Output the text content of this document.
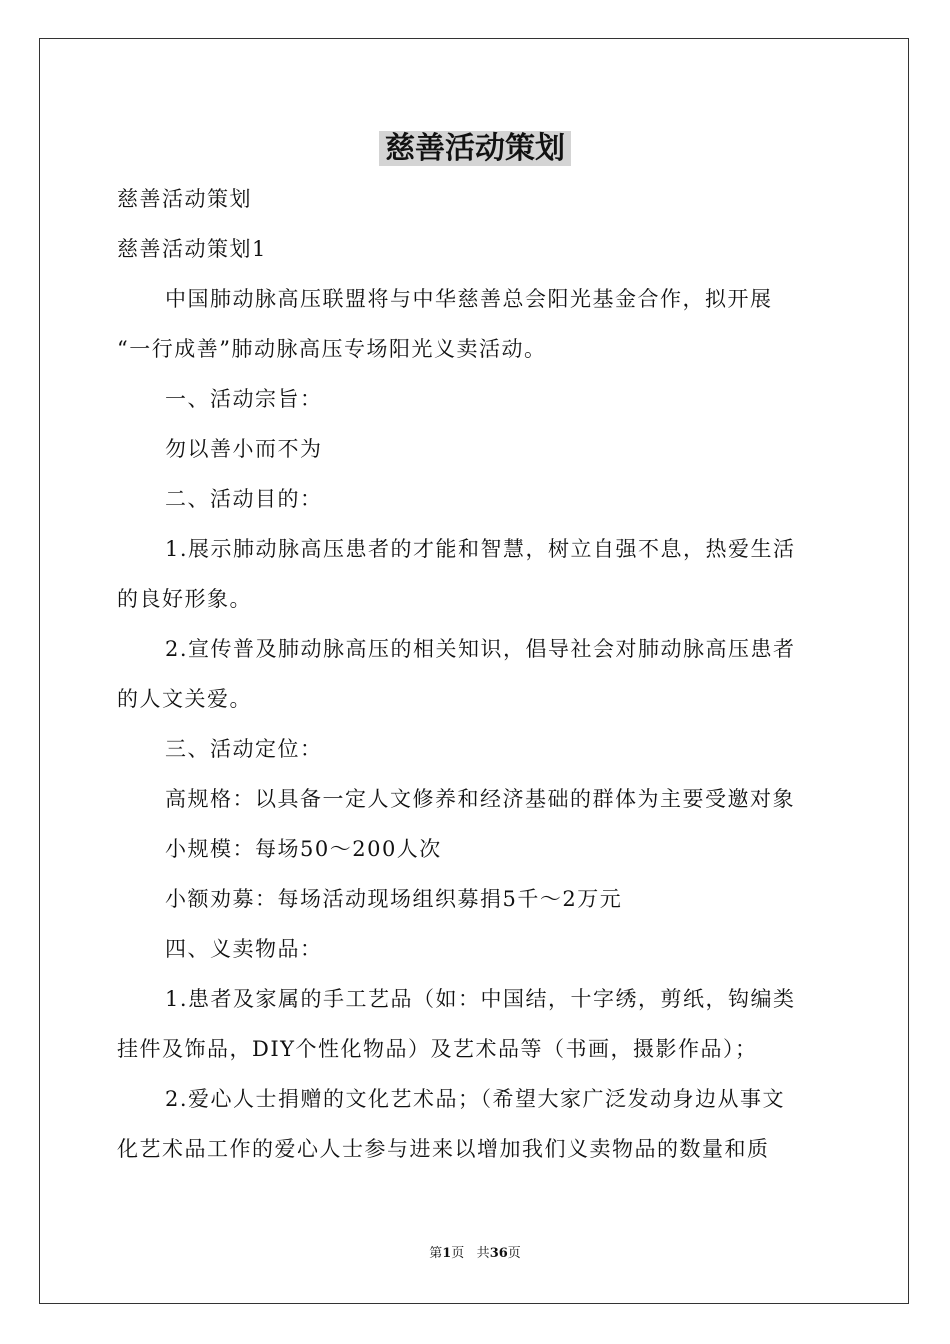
慈善活动策划
慈善活动策划
慈善活动策划1
中国肺动脉高压联盟将与中华慈善总会阳光基金合作，拟开展
“一行成善”肺动脉高压专场阳光义卖活动。
一、活动宗旨：
勿以善小而不为
二、活动目的：
1.展示肺动脉高压患者的才能和智慧，树立自强不息，热爱生活
的良好形象。
2.宣传普及肺动脉高压的相关知识，倡导社会对肺动脉高压患者
的人文关爱。
三、活动定位：
高规格：以具备一定人文修养和经济基础的群体为主要受邀对象
小规模：每场50～200人次
小额劝募：每场活动现场组织募捐5千～2万元
四、义卖物品：
1.患者及家属的手工艺品（如：中国结，十字绣，剪纸，钩编类
挂件及饰品，DIY个性化物品）及艺术品等（书画，摄影作品）；
2.爱心人士捐赠的文化艺术品；（希望大家广泛发动身边从事文
化艺术品工作的爱心人士参与进来以增加我们义卖物品的数量和质
第1页 共36页
